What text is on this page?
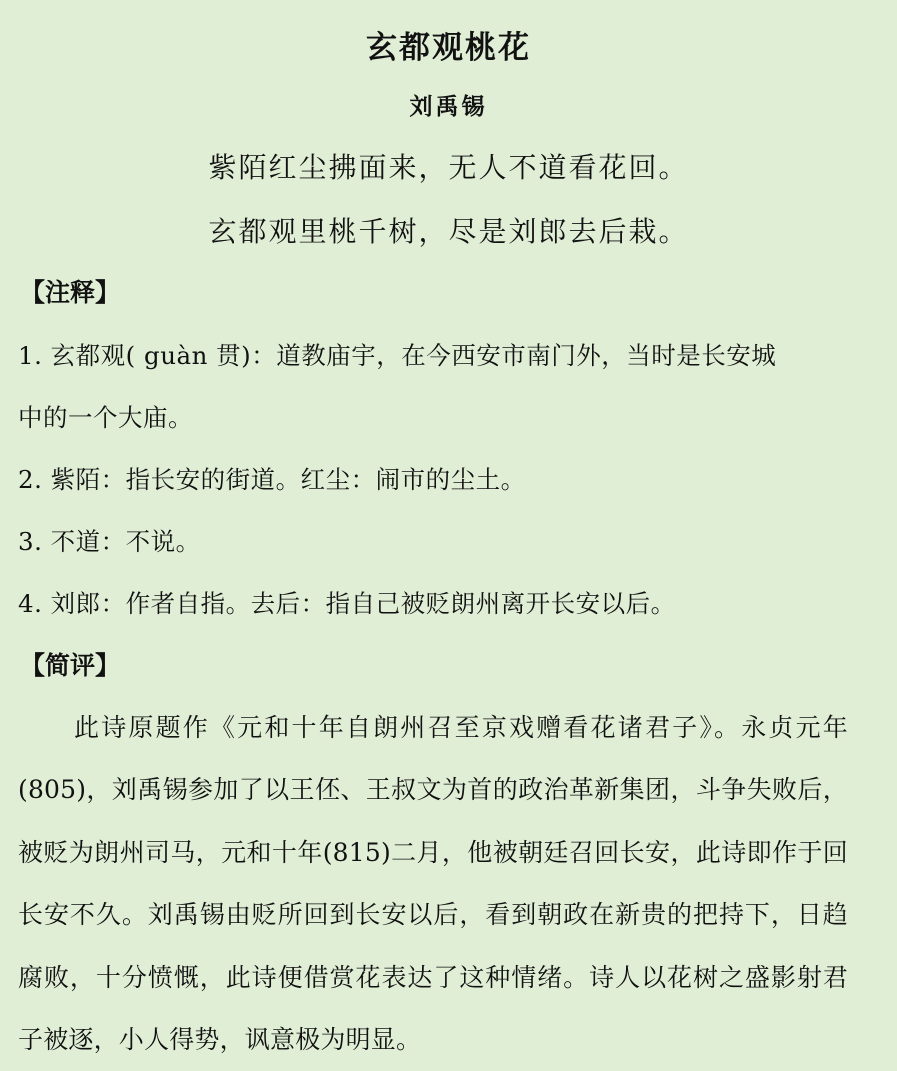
玄都观桃花
刘禹锡
紫陌红尘拂面来，无人不道看花回。
玄都观里桃千树，尽是刘郎去后栽。
【注释】
1. 玄都观( guàn 贯)：道教庙宇，在今西安市南门外，当时是长安城
中的一个大庙。
2. 紫陌：指长安的街道。红尘：闹市的尘土。
3. 不道：不说。
4. 刘郎：作者自指。去后：指自己被贬朗州离开长安以后。
【简评】
此诗原题作《元和十年自朗州召至京戏赠看花诸君子》。永贞元年(805)，刘禹锡参加了以王伾、王叔文为首的政治革新集团，斗争失败后，被贬为朗州司马，元和十年(815)二月，他被朝廷召回长安，此诗即作于回长安不久。刘禹锡由贬所回到长安以后，看到朝政在新贵的把持下，日趋腐败，十分愤慨，此诗便借赏花表达了这种情绪。诗人以花树之盛影射君子被逐，小人得势，讽意极为明显。
